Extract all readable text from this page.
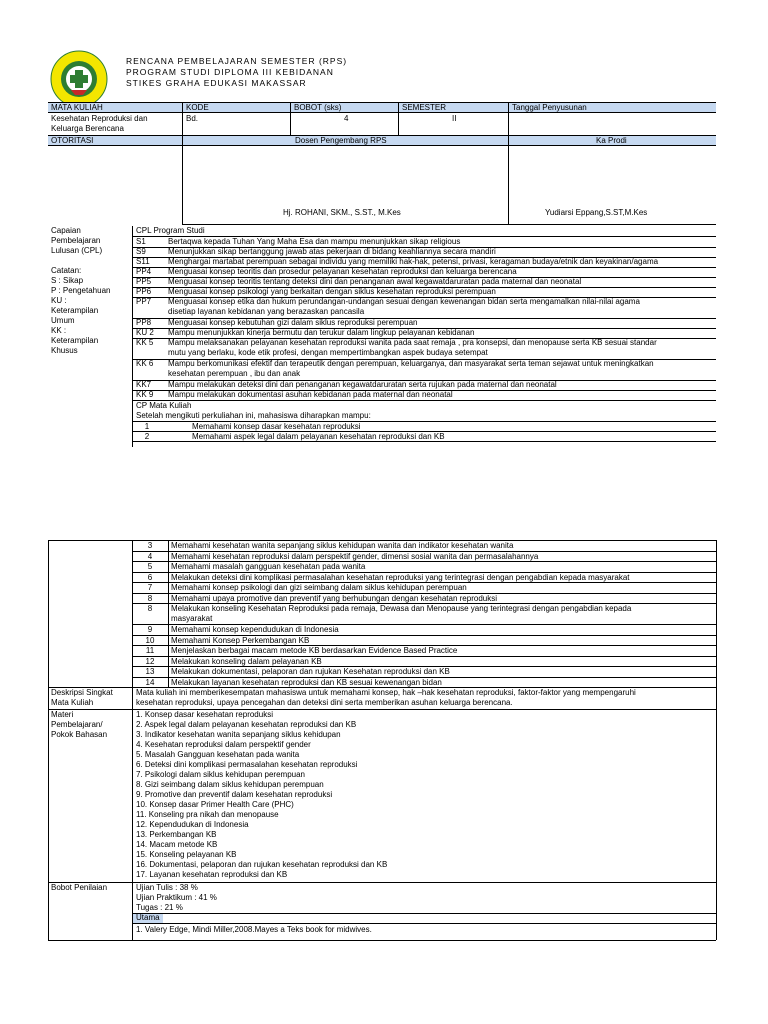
RENCANA PEMBELAJARAN SEMESTER (RPS)
PROGRAM STUDI DIPLOMA III KEBIDANAN
STIKES GRAHA EDUKASI MAKASSAR
MATA KULIAH	KODE	BOBOT (sks)	SEMESTER	Tanggal Penyusunan
Kesehatan Reproduksi dan
Keluarga Berencana
Bd.	4	II
OTORITASI	Dosen Pengembang RPS	Ka Prodi
Hj. ROHANI, SKM., S.ST., M.Kes	Yudiarsi Eppang,S.ST,M.Kes
Capaian
Pembelajaran
Lulusan (CPL)
Catatan:
S : Sikap
P : Pengetahuan
KU :
Keterampilan
Umum
KK :
Keterampilan
Khusus
CPL Program Studi
S1	Bertaqwa kepada Tuhan Yang Maha Esa dan mampu menunjukkan sikap religious
S9	Menunjukkan sikap bertanggung jawab atas pekerjaan di bidang keahliannya secara mandiri
S11 Menghargai martabat perempuan sebagai individu yang memiliki hak-hak, petensi, privasi, keragaman budaya/etnik dan keyakinan/agama
PP4 Menguasai konsep teoritis dan prosedur pelayanan kesehatan reproduksi dan keluarga berencana
PP5 Menguasai konsep teoritis tentang deteksi dini dan penanganan awal kegawatdaruratan pada maternal dan neonatal
PP6 Menguasai konsep psikologi yang berkaitan dengan siklus kesehatan reproduksi perempuan
PP7 Menguasai konsep etika dan hukum perundangan-undangan sesuai dengan kewenangan bidan serta mengamalkan nilai-nilai agama
disetiap layanan kebidanan yang berazaskan pancasila
PP8 Menguasai konsep kebutuhan gizi dalam siklus reproduksi perempuan
KU 2 Mampu menunjukkan kinerja bermutu dan terukur dalam lingkup pelayanan kebidanan
KK 5 Mampu melaksanakan pelayanan kesehatan reproduksi wanita pada saat remaja , pra konsepsi, dan menopause serta KB sesuai standar
mutu yang berlaku, kode etik profesi, dengan mempertimbangkan aspek budaya setempat
KK 6 Mampu berkomunikasi efektif dan terapeutik dengan perempuan, keluarganya, dan masyarakat serta teman sejawat untuk meningkatkan
kesehatan perempuan , ibu dan anak
KK7 Mampu melakukan deteksi dini dan penanganan kegawatdaruratan serta rujukan pada maternal dan neonatal
KK 9 Mampu melakukan dokumentasi asuhan kebidanan pada maternal dan neonatal
CP Mata Kuliah
Setelah mengikuti perkuliahan ini, mahasiswa diharapkan mampu:
1	Memahami konsep dasar kesehatan reproduksi
2	Memahami aspek legal dalam pelayanan kesehatan reproduksi dan KB
3	Memahami kesehatan wanita sepanjang siklus kehidupan wanita dan indikator kesehatan wanita
4	Memahami kesehatan reproduksi dalam perspektif gender, dimensi sosial wanita dan permasalahannya
5	Memahami masalah gangguan kesehatan pada wanita
6	Melakukan deteksi dini komplikasi permasalahan kesehatan reproduksi yang terintegrasi dengan pengabdian kepada masyarakat
7	Memahami konsep psikologi dan gizi seimbang dalam siklus kehidupan perempuan
8	Memahami upaya promotive dan preventif yang berhubungan dengan kesehatan reproduksi
8	Melakukan konseling Kesehatan Reproduksi pada remaja, Dewasa dan Menopause yang terintegrasi dengan pengabdian kepada
masyarakat
9	Memahami konsep kependudukan di Indonesia
10	Memahami Konsep Perkembangan KB
11	Menjelaskan berbagai macam metode KB berdasarkan Evidence Based Practice
12	Melakukan konseling dalam pelayanan KB
13	Melakukan dokumentasi, pelaporan dan rujukan Kesehatan reproduksi dan KB
14	Melakukan layanan kesehatan reproduksi dan KB sesuai kewenangan bidan
Deskripsi Singkat
Mata Kuliah
Mata kuliah ini memberikesempatan mahasiswa untuk memahami konsep, hak –hak kesehatan reproduksi, faktor-faktor yang mempengaruhi
kesehatan reproduksi, upaya pencegahan dan deteksi dini serta memberikan asuhan keluarga berencana.
Materi
Pembelajaran/
Pokok Bahasan
1. Konsep dasar kesehatan reproduksi
2. Aspek legal dalam pelayanan kesehatan reproduksi dan KB
3. Indikator kesehatan wanita sepanjang siklus kehidupan
4. Kesehatan reproduksi dalam perspektif gender
5. Masalah Gangguan kesehatan pada wanita
6. Deteksi dini komplikasi permasalahan kesehatan reproduksi
7. Psikologi dalam siklus kehidupan perempuan
8. Gizi seimbang dalam siklus kehidupan perempuan
9. Promotive dan preventif dalam kesehatan reproduksi
10. Konsep dasar Primer Health Care (PHC)
11. Konseling pra nikah dan menopause
12. Kependudukan di Indonesia
13. Perkembangan KB
14. Macam metode KB
15. Konseling pelayanan KB
16. Dokumentasi, pelaporan dan rujukan kesehatan reproduksi dan KB
17. Layanan kesehatan reproduksi dan KB
Bobot Penilaian	Ujian Tulis : 38 %
Ujian Praktikum : 41 %
Tugas : 21 %
Utama
1. Valery Edge, Mindi Miller,2008.Mayes a Teks book for midwives.
